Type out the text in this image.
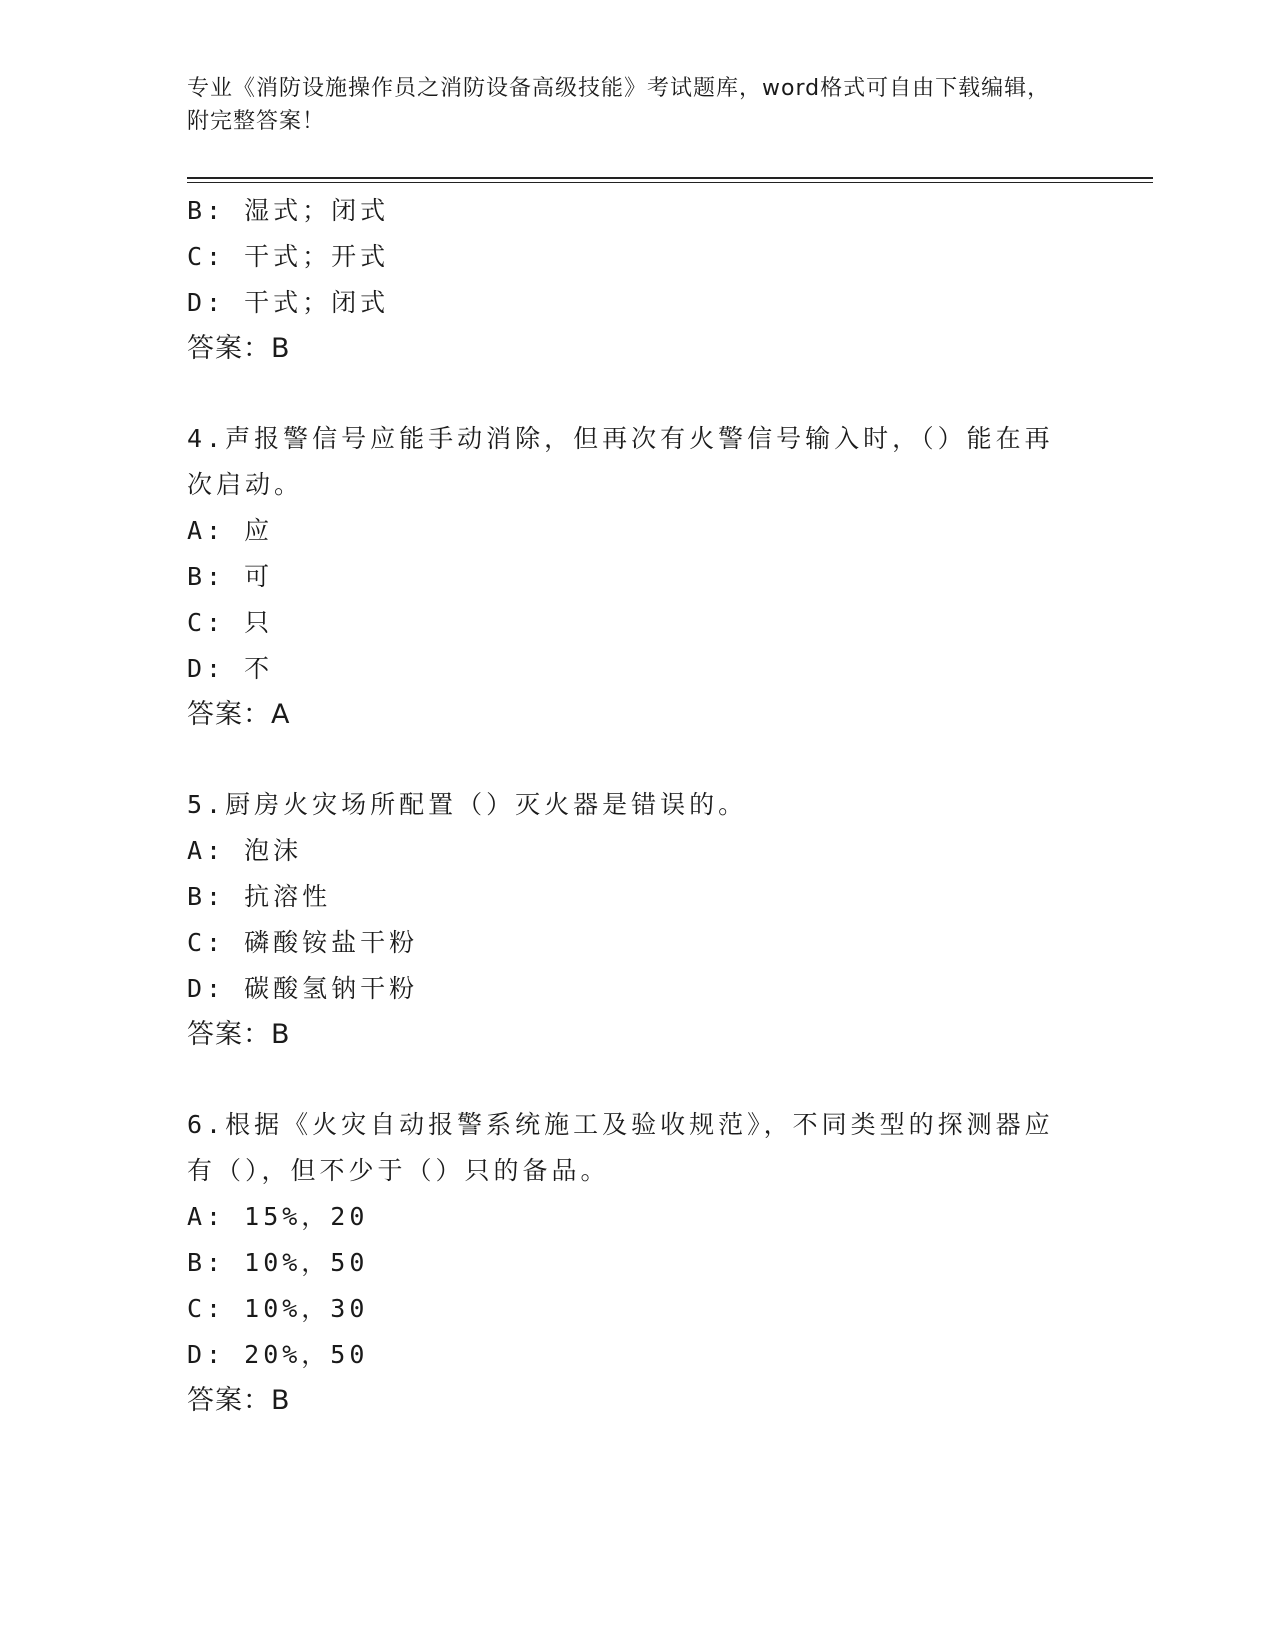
专业《消防设施操作员之消防设备高级技能》考试题库，word格式可自由下载编辑，附完整答案！
B: 湿式；闭式
C: 干式；开式
D: 干式；闭式
答案：B
4.声报警信号应能手动消除，但再次有火警信号输入时，（）能在再次启动。
A: 应
B: 可
C: 只
D: 不
答案：A
5.厨房火灾场所配置（）灭火器是错误的。
A: 泡沫
B: 抗溶性
C: 磷酸铵盐干粉
D: 碳酸氢钠干粉
答案：B
6.根据《火灾自动报警系统施工及验收规范》，不同类型的探测器应有（），但不少于（）只的备品。
A: 15%，20
B: 10%，50
C: 10%，30
D: 20%，50
答案：B
